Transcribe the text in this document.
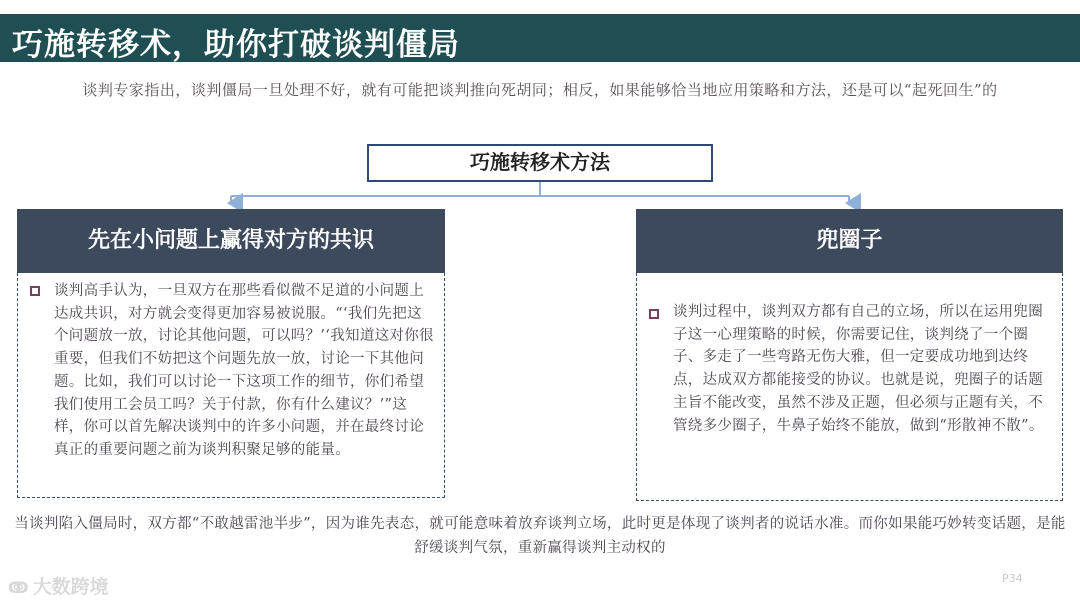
巧施转移术，助你打破谈判僵局
谈判专家指出，谈判僵局一旦处理不好，就有可能把谈判推向死胡同；相反，如果能够恰当地应用策略和方法，还是可以“起死回生”的
巧施转移术方法
先在小问题上赢得对方的共识
谈判高手认为，一旦双方在那些看似微不足道的小问题上达成共识，对方就会变得更加容易被说服。“‘我们先把这个问题放一放，讨论其他问题，可以吗？’‘我知道这对你很重要，但我们不妨把这个问题先放一放，讨论一下其他问题。比如，我们可以讨论一下这项工作的细节，你们希望我们使用工会员工吗？关于付款，你有什么建议？’”这样，你可以首先解决谈判中的许多小问题，并在最终讨论真正的重要问题之前为谈判积聚足够的能量。
兜圈子
谈判过程中，谈判双方都有自己的立场，所以在运用兜圈子这一心理策略的时候，你需要记住，谈判绕了一个圈子、多走了一些弯路无伤大雅，但一定要成功地到达终点，达成双方都能接受的协议。也就是说，兜圈子的话题主旨不能改变，虽然不涉及正题，但必须与正题有关，不管绕多少圈子，牛鼻子始终不能放，做到“形散神不散”。
当谈判陷入僵局时，双方都“不敢越雷池半步”，因为谁先表态，就可能意味着放弃谈判立场，此时更是体现了谈判者的说话水准。而你如果能巧妙转变话题，是能舒缓谈判气氛，重新赢得谈判主动权的
ↂ 大数跨境	P34
